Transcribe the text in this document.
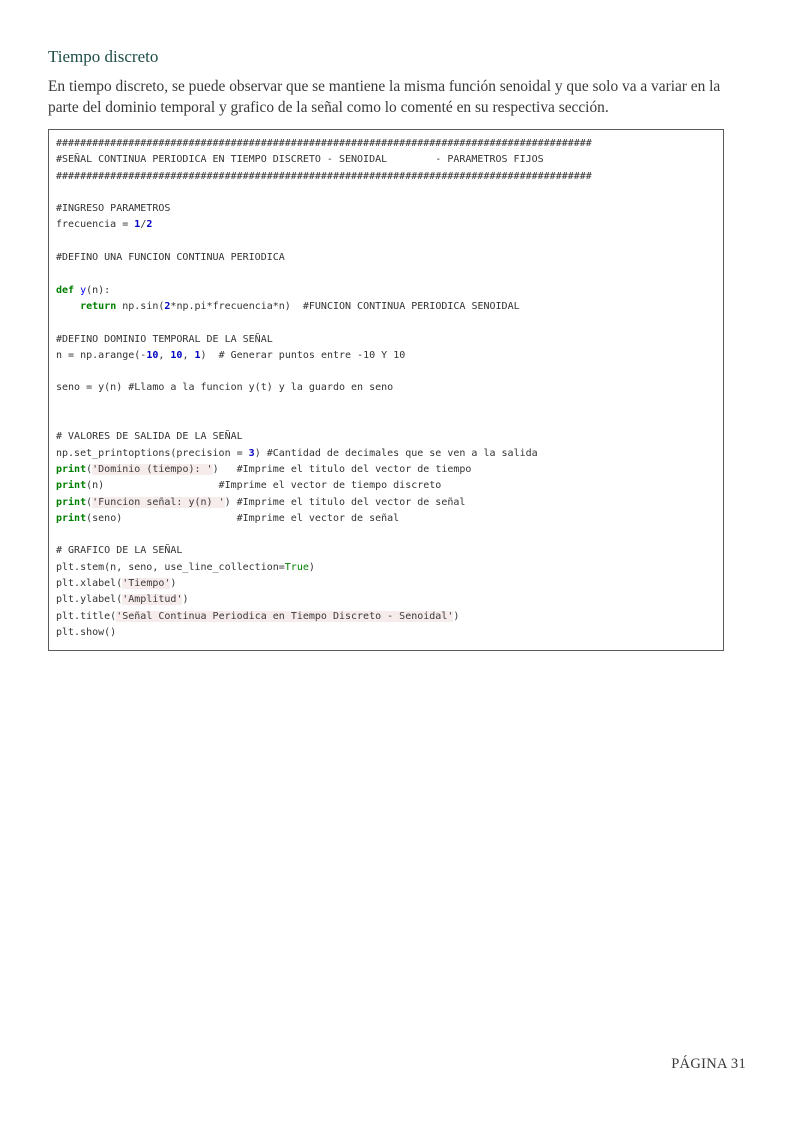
Tiempo discreto

En tiempo discreto, se puede observar que se mantiene la misma función senoidal y que solo va a variar en la parte del dominio temporal y grafico de la señal como lo comenté en su respectiva sección.

#########################################################################################
#SEÑAL CONTINUA PERIODICA EN TIEMPO DISCRETO - SENOIDAL        - PARAMETROS FIJOS
#########################################################################################

#INGRESO PARAMETROS
frecuencia = 1/2

#DEFINO UNA FUNCION CONTINUA PERIODICA

def y(n):
return np.sin(2*np.pi*frecuencia*n)  #FUNCION CONTINUA PERIODICA SENOIDAL

#DEFINO DOMINIO TEMPORAL DE LA SEÑAL
n = np.arange(-10, 10, 1)  # Generar puntos entre -10 Y 10

seno = y(n) #Llamo a la funcion y(t) y la guardo en seno

# VALORES DE SALIDA DE LA SEÑAL
np.set_printoptions(precision = 3) #Cantidad de decimales que se ven a la salida
print('Dominio (tiempo): ')   #Imprime el titulo del vector de tiempo
print(n)                   #Imprime el vector de tiempo discreto
print('Funcion señal: y(n) ') #Imprime el titulo del vector de señal
print(seno)                   #Imprime el vector de señal

# GRAFICO DE LA SEÑAL
plt.stem(n, seno, use_line_collection=True)
plt.xlabel('Tiempo')
plt.ylabel('Amplitud')
plt.title('Señal Continua Periodica en Tiempo Discreto - Senoidal')
plt.show()
PÁGINA 31
